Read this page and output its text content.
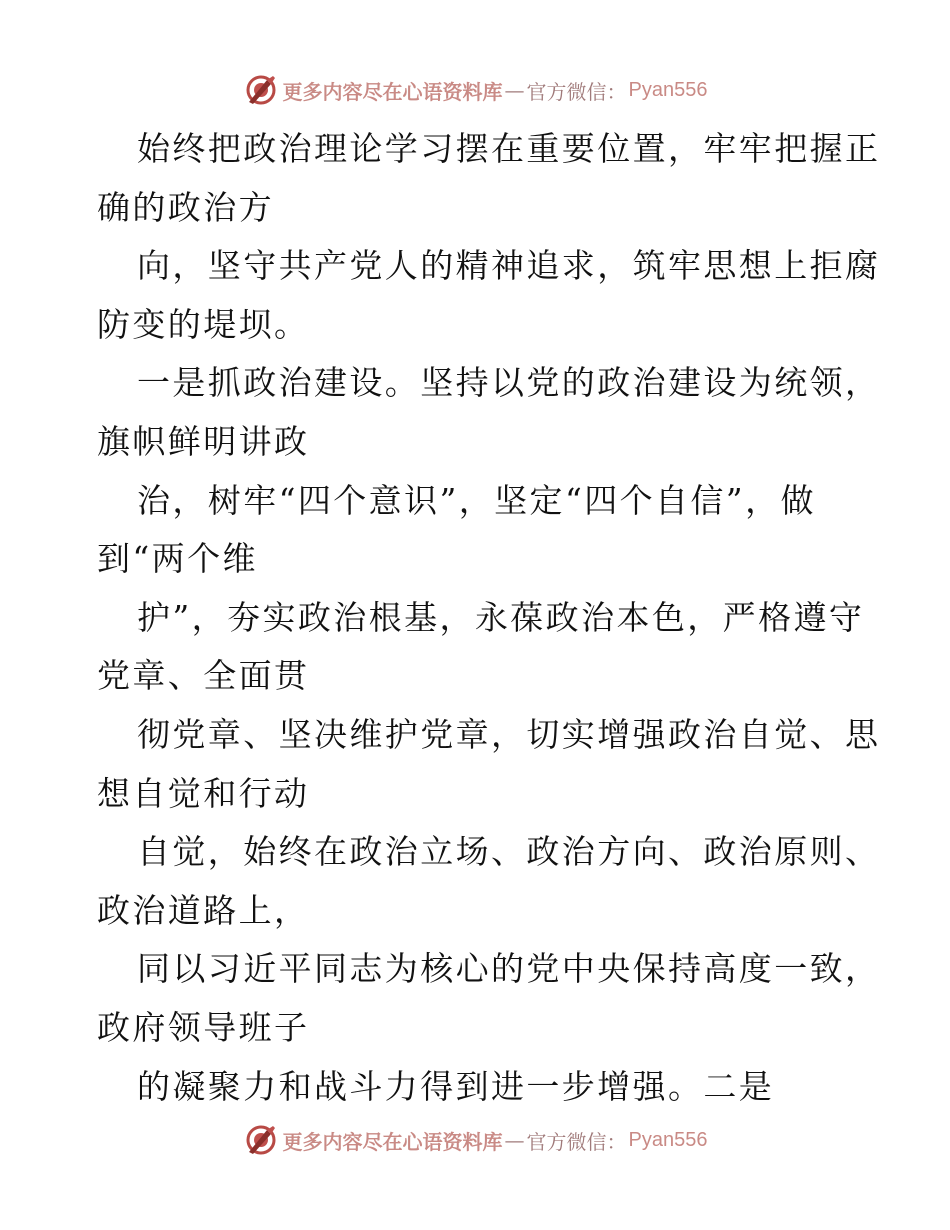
更多内容尽在心语资料库 — 官方微信： Pyan556
始终把政治理论学习摆在重要位置，牢牢把握正
确的政治方
向，坚守共产党人的精神追求，筑牢思想上拒腐
防变的堤坝。
一是抓政治建设。坚持以党的政治建设为统领，
旗帜鲜明讲政
治，树牢“四个意识”，坚定“四个自信”，做
到“两个维
护”，夯实政治根基，永葆政治本色，严格遵守
党章、全面贯
彻党章、坚决维护党章，切实增强政治自觉、思
想自觉和行动
自觉，始终在政治立场、政治方向、政治原则、
政治道路上，
同以习近平同志为核心的党中央保持高度一致，
政府领导班子
的凝聚力和战斗力得到进一步增强。二是
更多内容尽在心语资料库 — 官方微信： Pyan556
